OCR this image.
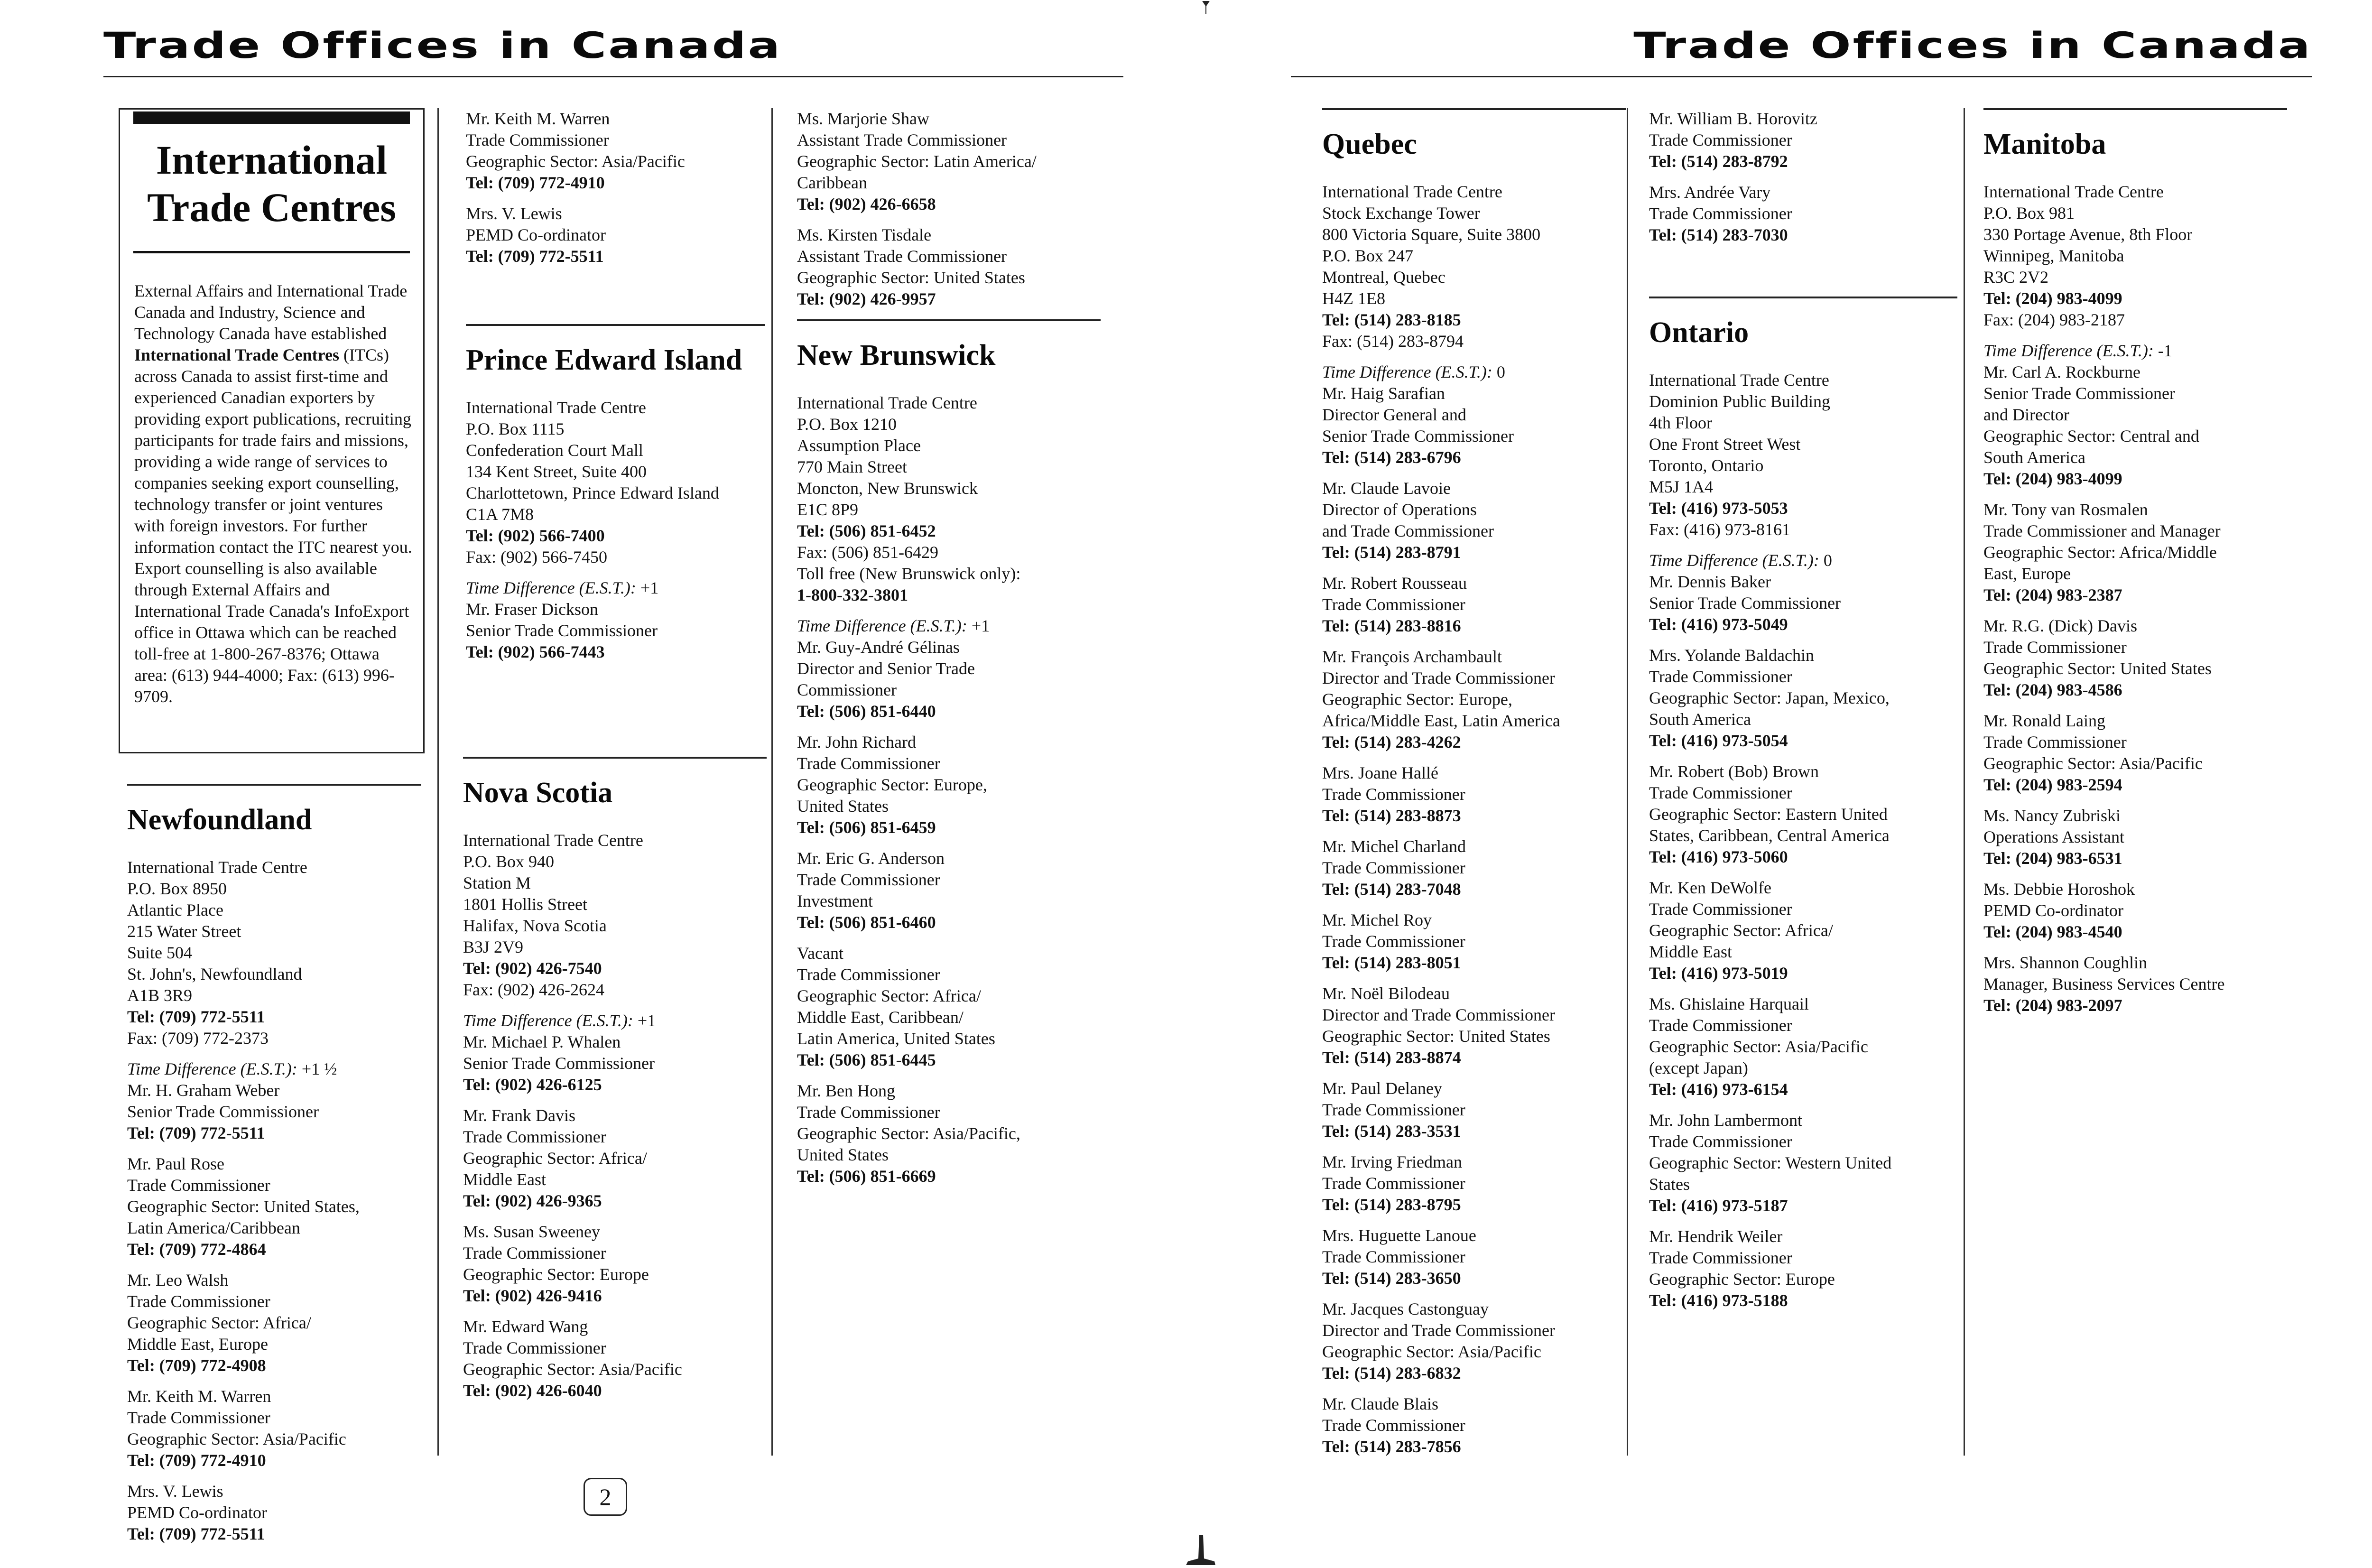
Trade Offices in Canada
International Trade Centres
External Affairs and International Trade Canada and Industry, Science and Technology Canada have established International Trade Centres (ITCs) across Canada to assist first-time and experienced Canadian exporters by providing export publications, recruiting participants for trade fairs and missions, providing a wide range of services to companies seeking export counselling, technology transfer or joint ventures with foreign investors. For further information contact the ITC nearest you. Export counselling is also available through External Affairs and International Trade Canada's InfoExport office in Ottawa which can be reached toll-free at 1-800-267-8376; Ottawa area: (613) 944-4000; Fax: (613) 996-9709.
Newfoundland

International Trade Centre

P.O. Box 8950

Atlantic Place

215 Water Street

Suite 504

St. John's, Newfoundland

A1B 3R9

Tel: (709) 772-5511

Fax: (709) 772-2373

Time Difference (E.S.T.): +1 ½

Mr. H. Graham Weber

Senior Trade Commissioner

Tel: (709) 772-5511

Mr. Paul Rose

Trade Commissioner

Geographic Sector: United States,

Latin America/Caribbean

Tel: (709) 772-4864

Mr. Leo Walsh

Trade Commissioner

Geographic Sector: Africa/

Middle East, Europe

Tel: (709) 772-4908

Mr. Keith M. Warren

Trade Commissioner

Geographic Sector: Asia/Pacific

Tel: (709) 772-4910

Mrs. V. Lewis

PEMD Co-ordinator

Tel: (709) 772-5511

Mr. Keith M. Warren

Trade Commissioner

Geographic Sector: Asia/Pacific

Tel: (709) 772-4910

Mrs. V. Lewis

PEMD Co-ordinator

Tel: (709) 772-5511

Prince Edward Island

International Trade Centre

P.O. Box 1115

Confederation Court Mall

134 Kent Street, Suite 400

Charlottetown, Prince Edward Island

C1A 7M8

Tel: (902) 566-7400

Fax: (902) 566-7450

Time Difference (E.S.T.): +1

Mr. Fraser Dickson

Senior Trade Commissioner

Tel: (902) 566-7443

Nova Scotia

International Trade Centre

P.O. Box 940

Station M

1801 Hollis Street

Halifax, Nova Scotia

B3J 2V9

Tel: (902) 426-7540

Fax: (902) 426-2624

Time Difference (E.S.T.): +1

Mr. Michael P. Whalen

Senior Trade Commissioner

Tel: (902) 426-6125

Mr. Frank Davis

Trade Commissioner

Geographic Sector: Africa/

Middle East

Tel: (902) 426-9365

Ms. Susan Sweeney

Trade Commissioner

Geographic Sector: Europe

Tel: (902) 426-9416

Mr. Edward Wang

Trade Commissioner

Geographic Sector: Asia/Pacific

Tel: (902) 426-6040

Ms. Marjorie Shaw

Assistant Trade Commissioner

Geographic Sector: Latin America/

Caribbean

Tel: (902) 426-6658

Ms. Kirsten Tisdale

Assistant Trade Commissioner

Geographic Sector: United States

Tel: (902) 426-9957

New Brunswick

International Trade Centre

P.O. Box 1210

Assumption Place

770 Main Street

Moncton, New Brunswick

E1C 8P9

Tel: (506) 851-6452

Fax: (506) 851-6429

Toll free (New Brunswick only):

1-800-332-3801

Time Difference (E.S.T.): +1

Mr. Guy-André Gélinas

Director and Senior Trade

Commissioner

Tel: (506) 851-6440

Mr. John Richard

Trade Commissioner

Geographic Sector: Europe,

United States

Tel: (506) 851-6459

Mr. Eric G. Anderson

Trade Commissioner

Investment

Tel: (506) 851-6460

Vacant

Trade Commissioner

Geographic Sector: Africa/

Middle East, Caribbean/

Latin America, United States

Tel: (506) 851-6445

Mr. Ben Hong

Trade Commissioner

Geographic Sector: Asia/Pacific,

United States

Tel: (506) 851-6669

2
Trade Offices in Canada
Quebec

International Trade Centre

Stock Exchange Tower

800 Victoria Square, Suite 3800

P.O. Box 247

Montreal, Quebec

H4Z 1E8

Tel: (514) 283-8185

Fax: (514) 283-8794

Time Difference (E.S.T.): 0

Mr. Haig Sarafian

Director General and

Senior Trade Commissioner

Tel: (514) 283-6796

Mr. Claude Lavoie

Director of Operations

and Trade Commissioner

Tel: (514) 283-8791

Mr. Robert Rousseau

Trade Commissioner

Tel: (514) 283-8816

Mr. François Archambault

Director and Trade Commissioner

Geographic Sector: Europe,

Africa/Middle East, Latin America

Tel: (514) 283-4262

Mrs. Joane Hallé

Trade Commissioner

Tel: (514) 283-8873

Mr. Michel Charland

Trade Commissioner

Tel: (514) 283-7048

Mr. Michel Roy

Trade Commissioner

Tel: (514) 283-8051

Mr. Noël Bilodeau

Director and Trade Commissioner

Geographic Sector: United States

Tel: (514) 283-8874

Mr. Paul Delaney

Trade Commissioner

Tel: (514) 283-3531

Mr. Irving Friedman

Trade Commissioner

Tel: (514) 283-8795

Mrs. Huguette Lanoue

Trade Commissioner

Tel: (514) 283-3650

Mr. Jacques Castonguay

Director and Trade Commissioner

Geographic Sector: Asia/Pacific

Tel: (514) 283-6832

Mr. Claude Blais

Trade Commissioner

Tel: (514) 283-7856

Ontario

International Trade Centre

Dominion Public Building

4th Floor

One Front Street West

Toronto, Ontario

M5J 1A4

Tel: (416) 973-5053

Fax: (416) 973-8161

Time Difference (E.S.T.): 0

Mr. Dennis Baker

Senior Trade Commissioner

Tel: (416) 973-5049

Mrs. Yolande Baldachin

Trade Commissioner

Geographic Sector: Japan, Mexico,

South America

Tel: (416) 973-5054

Mr. Robert (Bob) Brown

Trade Commissioner

Geographic Sector: Eastern United

States, Caribbean, Central America

Tel: (416) 973-5060

Mr. Ken DeWolfe

Trade Commissioner

Geographic Sector: Africa/

Middle East

Tel: (416) 973-5019

Ms. Ghislaine Harquail

Trade Commissioner

Geographic Sector: Asia/Pacific

(except Japan)

Tel: (416) 973-6154

Mr. John Lambermont

Trade Commissioner

Geographic Sector: Western United

States

Tel: (416) 973-5187

Mr. Hendrik Weiler

Trade Commissioner

Geographic Sector: Europe

Tel: (416) 973-5188

Manitoba

International Trade Centre

P.O. Box 981

330 Portage Avenue, 8th Floor

Winnipeg, Manitoba

R3C 2V2

Tel: (204) 983-4099

Fax: (204) 983-2187

Time Difference (E.S.T.): -1

Mr. Carl A. Rockburne

Senior Trade Commissioner

and Director

Geographic Sector: Central and

South America

Tel: (204) 983-4099

Mr. Tony van Rosmalen

Trade Commissioner and Manager

Geographic Sector: Africa/Middle

East, Europe

Tel: (204) 983-2387

Mr. R.G. (Dick) Davis

Trade Commissioner

Geographic Sector: United States

Tel: (204) 983-4586

Mr. Ronald Laing

Trade Commissioner

Geographic Sector: Asia/Pacific

Tel: (204) 983-2594

Ms. Nancy Zubriski

Operations Assistant

Tel: (204) 983-6531

Ms. Debbie Horoshok

PEMD Co-ordinator

Tel: (204) 983-4540

Mrs. Shannon Coughlin

Manager, Business Services Centre

Tel: (204) 983-2097

Mr. William B. Horovitz

Trade Commissioner

Tel: (514) 283-8792

Mrs. Andrée Vary

Trade Commissioner

Tel: (514) 283-7030
